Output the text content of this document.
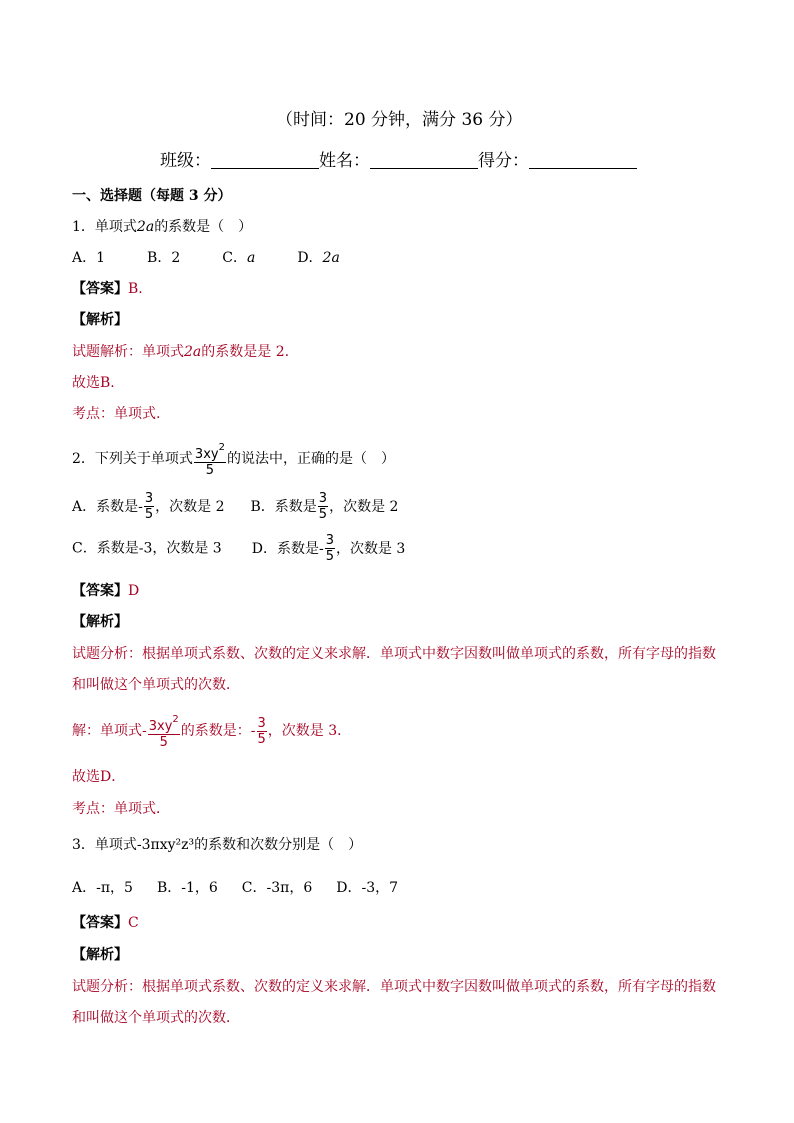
（时间：20 分钟，满分 36 分）
班级：	姓名：	得分：
一、选择题（每题 3 分）
1．单项式2a的系数是（　）
A．1	B．2	C．a	D．2a
【答案】B.
【解析】
试题解析：单项式2a的系数是是 2.
故选B.
考点：单项式.
2．下列关于单项式 $\frac{3xy^2}{5}$ 的说法中，正确的是（　）
A．系数是- $\frac{3}{5}$ ，次数是 2 B．系数是 $\frac{3}{5}$ ，次数是 2
C．系数是-3，次数是 3 D．系数是- $\frac{3}{5}$ ，次数是 3
【答案】D
【解析】
试题分析：根据单项式系数、次数的定义来求解．单项式中数字因数叫做单项式的系数，所有字母的指数
和叫做这个单项式的次数．
解：单项式- $\frac{3xy^2}{5}$ 的系数是：- $\frac{3}{5}$ ，次数是 3．
故选D．
考点：单项式．
3．单项式-3πxy²z³的系数和次数分别是（　）
A．-π，5 B．-1，6 C．-3π，6 D．-3，7
【答案】C
【解析】
试题分析：根据单项式系数、次数的定义来求解．单项式中数字因数叫做单项式的系数，所有字母的指数
和叫做这个单项式的次数．
